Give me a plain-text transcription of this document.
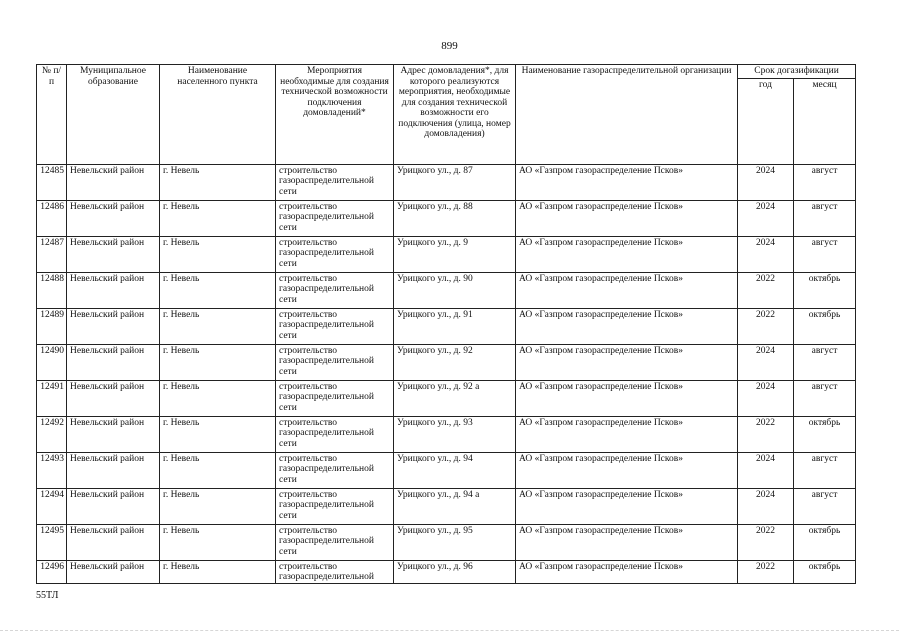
899
№ п/п	Муниципальное образование	Наименование населенного пункта	Мероприятия необходимые для создания технической возможности подключения домовладений*	Адрес домовладения*, для которого реализуются мероприятия, необходимые для создания технической возможности его подключения (улица, номер домовладения)	Наименование газораспределительной организации	Срок догазификации	
						год	месяц
12485	Невельский район	г. Невель	строительство газораспределительной сети	Урицкого ул., д. 87	АО «Газпром газораспределение Псков»	2024	август
12486	Невельский район	г. Невель	строительство газораспределительной сети	Урицкого ул., д. 88	АО «Газпром газораспределение Псков»	2024	август
12487	Невельский район	г. Невель	строительство газораспределительной сети	Урицкого ул., д. 9	АО «Газпром газораспределение Псков»	2024	август
12488	Невельский район	г. Невель	строительство газораспределительной сети	Урицкого ул., д. 90	АО «Газпром газораспределение Псков»	2022	октябрь
12489	Невельский район	г. Невель	строительство газораспределительной сети	Урицкого ул., д. 91	АО «Газпром газораспределение Псков»	2022	октябрь
12490	Невельский район	г. Невель	строительство газораспределительной сети	Урицкого ул., д. 92	АО «Газпром газораспределение Псков»	2024	август
12491	Невельский район	г. Невель	строительство газораспределительной сети	Урицкого ул., д. 92 а	АО «Газпром газораспределение Псков»	2024	август
12492	Невельский район	г. Невель	строительство газораспределительной сети	Урицкого ул., д. 93	АО «Газпром газораспределение Псков»	2022	октябрь
12493	Невельский район	г. Невель	строительство газораспределительной сети	Урицкого ул., д. 94	АО «Газпром газораспределение Псков»	2024	август
12494	Невельский район	г. Невель	строительство газораспределительной сети	Урицкого ул., д. 94 а	АО «Газпром газораспределение Псков»	2024	август
12495	Невельский район	г. Невель	строительство газораспределительной сети	Урицкого ул., д. 95	АО «Газпром газораспределение Псков»	2022	октябрь
12496	Невельский район	г. Невель	строительство газораспределительной	Урицкого ул., д. 96	АО «Газпром газораспределение Псков»	2022	октябрь
55ТЛ
